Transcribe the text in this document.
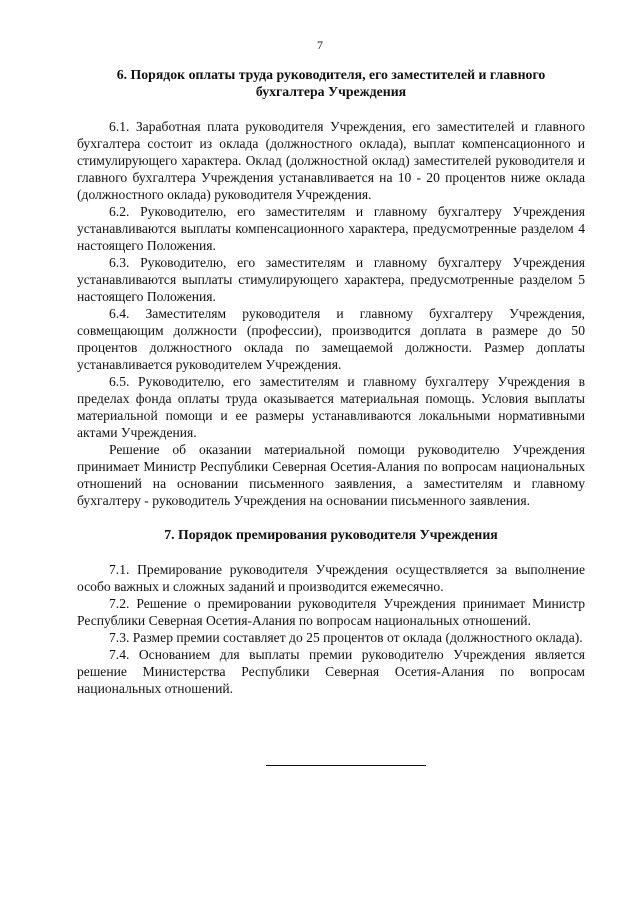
7

6. Порядок оплаты труда руководителя, его заместителей и главного бухгалтера Учреждения

6.1. Заработная плата руководителя Учреждения, его заместителей и главного бухгалтера состоит из оклада (должностного оклада), выплат компенсационного и стимулирующего характера. Оклад (должностной оклад) заместителей руководителя и главного бухгалтера Учреждения устанавливается на 10 - 20 процентов ниже оклада (должностного оклада) руководителя Учреждения.

6.2. Руководителю, его заместителям и главному бухгалтеру Учреждения устанавливаются выплаты компенсационного характера, предусмотренные разделом 4 настоящего Положения.

6.3. Руководителю, его заместителям и главному бухгалтеру Учреждения устанавливаются выплаты стимулирующего характера, предусмотренные разделом 5 настоящего Положения.

6.4. Заместителям руководителя и главному бухгалтеру Учреждения, совмещающим должности (профессии), производится доплата в размере до 50 процентов должностного оклада по замещаемой должности. Размер доплаты устанавливается руководителем Учреждения.

6.5. Руководителю, его заместителям и главному бухгалтеру Учреждения в пределах фонда оплаты труда оказывается материальная помощь. Условия выплаты материальной помощи и ее размеры устанавливаются локальными нормативными актами Учреждения.

Решение об оказании материальной помощи руководителю Учреждения принимает Министр Республики Северная Осетия-Алания по вопросам национальных отношений на основании письменного заявления, а заместителям и главному бухгалтеру - руководитель Учреждения на основании письменного заявления.

7. Порядок премирования руководителя Учреждения

7.1. Премирование руководителя Учреждения осуществляется за выполнение особо важных и сложных заданий и производится ежемесячно.

7.2. Решение о премировании руководителя Учреждения принимает Министр Республики Северная Осетия-Алания по вопросам национальных отношений.

7.3. Размер премии составляет до 25 процентов от оклада (должностного оклада).

7.4. Основанием для выплаты премии руководителю Учреждения является решение Министерства Республики Северная Осетия-Алания по вопросам национальных отношений.
